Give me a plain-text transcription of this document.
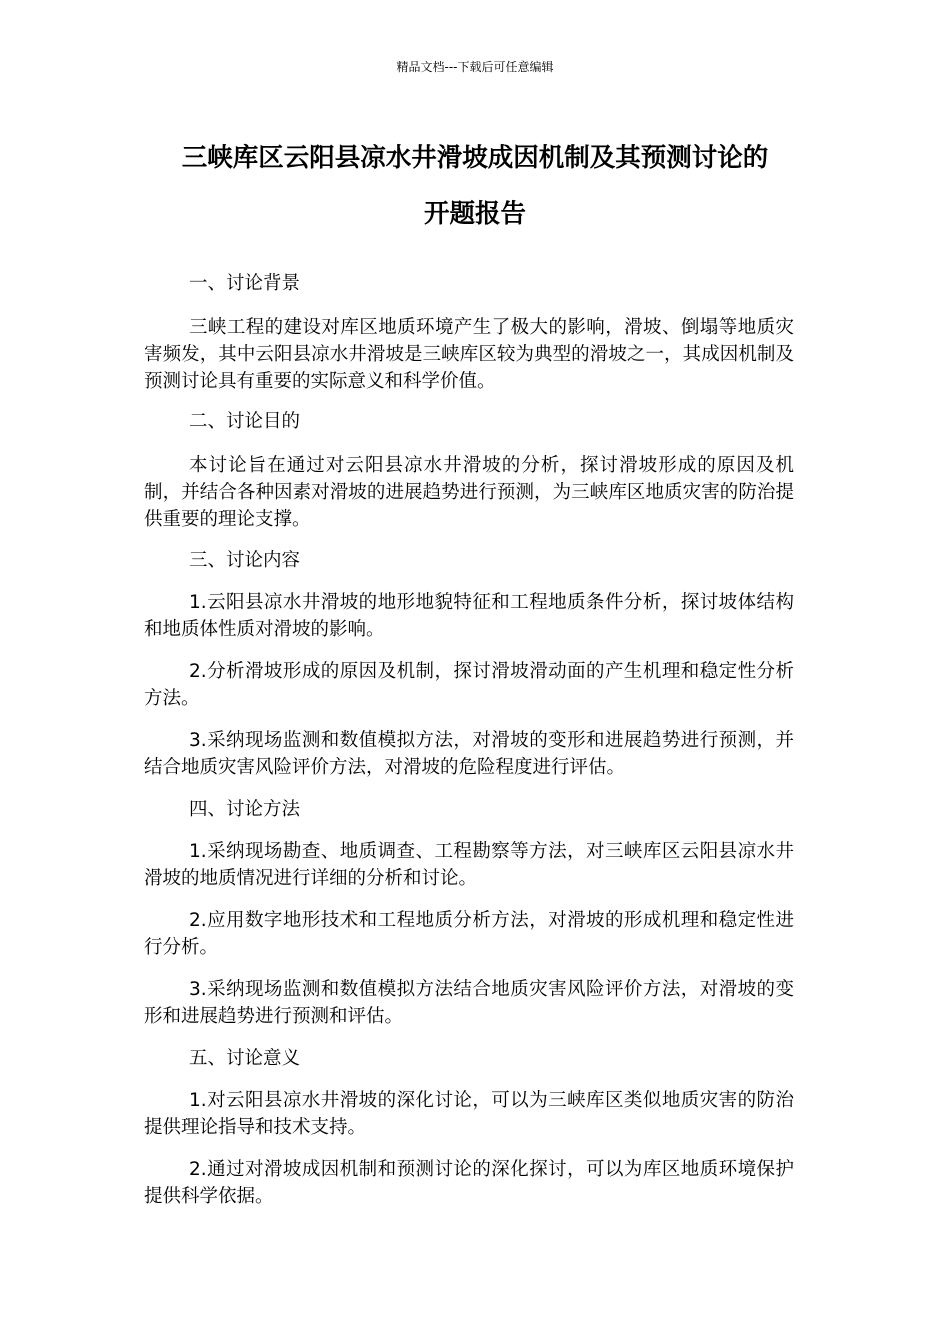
精品文档---下载后可任意编辑
三峡库区云阳县凉水井滑坡成因机制及其预测讨论的
开题报告

一、讨论背景

三峡工程的建设对库区地质环境产生了极大的影响，滑坡、倒塌等地质灾害频发，其中云阳县凉水井滑坡是三峡库区较为典型的滑坡之一，其成因机制及预测讨论具有重要的实际意义和科学价值。

二、讨论目的

本讨论旨在通过对云阳县凉水井滑坡的分析，探讨滑坡形成的原因及机制，并结合各种因素对滑坡的进展趋势进行预测，为三峡库区地质灾害的防治提供重要的理论支撑。

三、讨论内容

1.云阳县凉水井滑坡的地形地貌特征和工程地质条件分析，探讨坡体结构和地质体性质对滑坡的影响。

2.分析滑坡形成的原因及机制，探讨滑坡滑动面的产生机理和稳定性分析方法。

3.采纳现场监测和数值模拟方法，对滑坡的变形和进展趋势进行预测，并结合地质灾害风险评价方法，对滑坡的危险程度进行评估。

四、讨论方法

1.采纳现场勘查、地质调查、工程勘察等方法，对三峡库区云阳县凉水井滑坡的地质情况进行详细的分析和讨论。

2.应用数字地形技术和工程地质分析方法，对滑坡的形成机理和稳定性进行分析。

3.采纳现场监测和数值模拟方法结合地质灾害风险评价方法，对滑坡的变形和进展趋势进行预测和评估。

五、讨论意义

1.对云阳县凉水井滑坡的深化讨论，可以为三峡库区类似地质灾害的防治提供理论指导和技术支持。

2.通过对滑坡成因机制和预测讨论的深化探讨，可以为库区地质环境保护提供科学依据。
